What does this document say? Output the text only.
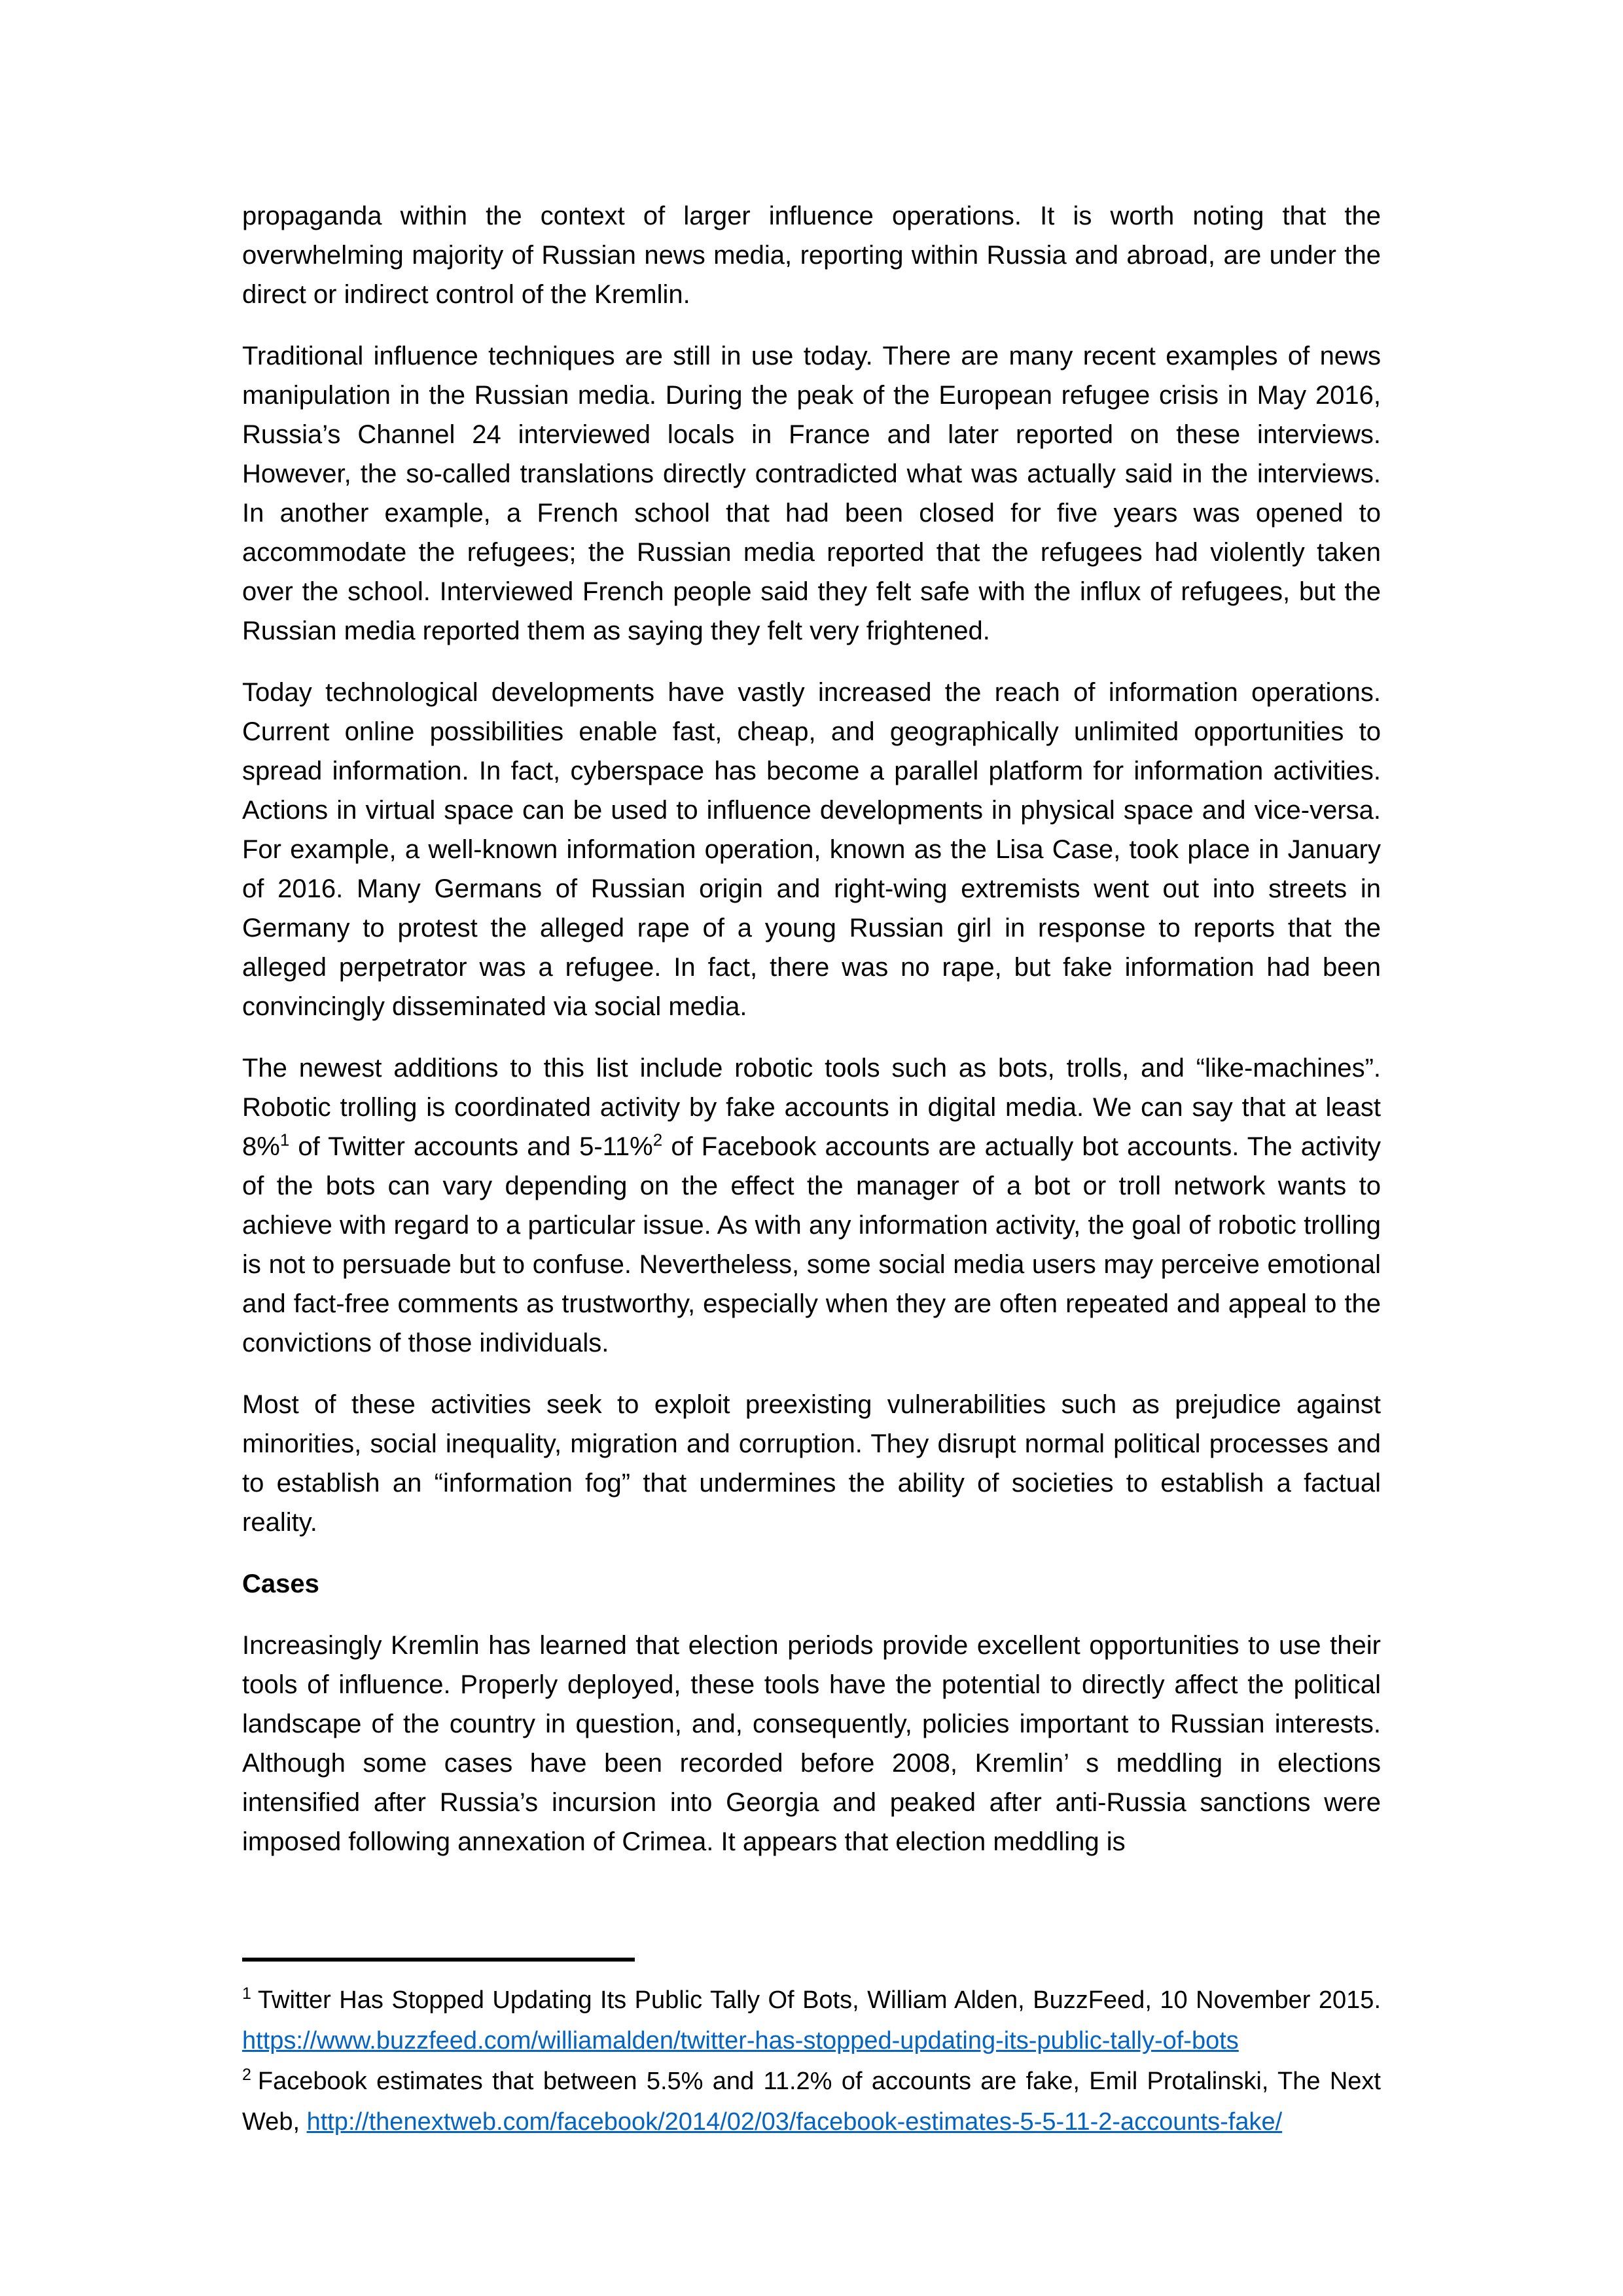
propaganda within the context of larger influence operations. It is worth noting that the overwhelming majority of Russian news media, reporting within Russia and abroad, are under the direct or indirect control of the Kremlin.

Traditional influence techniques are still in use today. There are many recent examples of news manipulation in the Russian media. During the peak of the European refugee crisis in May 2016, Russia’s Channel 24 interviewed locals in France and later reported on these interviews. However, the so-called translations directly contradicted what was actually said in the interviews. In another example, a French school that had been closed for five years was opened to accommodate the refugees; the Russian media reported that the refugees had violently taken over the school. Interviewed French people said they felt safe with the influx of refugees, but the Russian media reported them as saying they felt very frightened.

Today technological developments have vastly increased the reach of information operations. Current online possibilities enable fast, cheap, and geographically unlimited opportunities to spread information. In fact, cyberspace has become a parallel platform for information activities. Actions in virtual space can be used to influence developments in physical space and vice-versa. For example, a well-known information operation, known as the Lisa Case, took place in January of 2016. Many Germans of Russian origin and right-wing extremists went out into streets in Germany to protest the alleged rape of a young Russian girl in response to reports that the alleged perpetrator was a refugee. In fact, there was no rape, but fake information had been convincingly disseminated via social media.

The newest additions to this list include robotic tools such as bots, trolls, and “like-machines”. Robotic trolling is coordinated activity by fake accounts in digital media. We can say that at least 8%$^1$ of Twitter accounts and 5-11%$^2$ of Facebook accounts are actually bot accounts. The activity of the bots can vary depending on the effect the manager of a bot or troll network wants to achieve with regard to a particular issue. As with any information activity, the goal of robotic trolling is not to persuade but to confuse. Nevertheless, some social media users may perceive emotional and fact-free comments as trustworthy, especially when they are often repeated and appeal to the convictions of those individuals.

Most of these activities seek to exploit preexisting vulnerabilities such as prejudice against minorities, social inequality, migration and corruption. They disrupt normal political processes and to establish an “information fog” that undermines the ability of societies to establish a factual reality.

Cases

Increasingly Kremlin has learned that election periods provide excellent opportunities to use their tools of influence. Properly deployed, these tools have the potential to directly affect the political landscape of the country in question, and, consequently, policies important to Russian interests. Although some cases have been recorded before 2008, Kremlin’ s meddling in elections intensified after Russia’s incursion into Georgia and peaked after anti-Russia sanctions were imposed following annexation of Crimea. It appears that election meddling is

$^1$ Twitter Has Stopped Updating Its Public Tally Of Bots, William Alden, BuzzFeed, 10 November 2015. https://www.buzzfeed.com/williamalden/twitter-has-stopped-updating-its-public-tally-of-bots

$^2$ Facebook estimates that between 5.5% and 11.2% of accounts are fake, Emil Protalinski, The Next Web, http://thenextweb.com/facebook/2014/02/03/facebook-estimates-5-5-11-2-accounts-fake/
